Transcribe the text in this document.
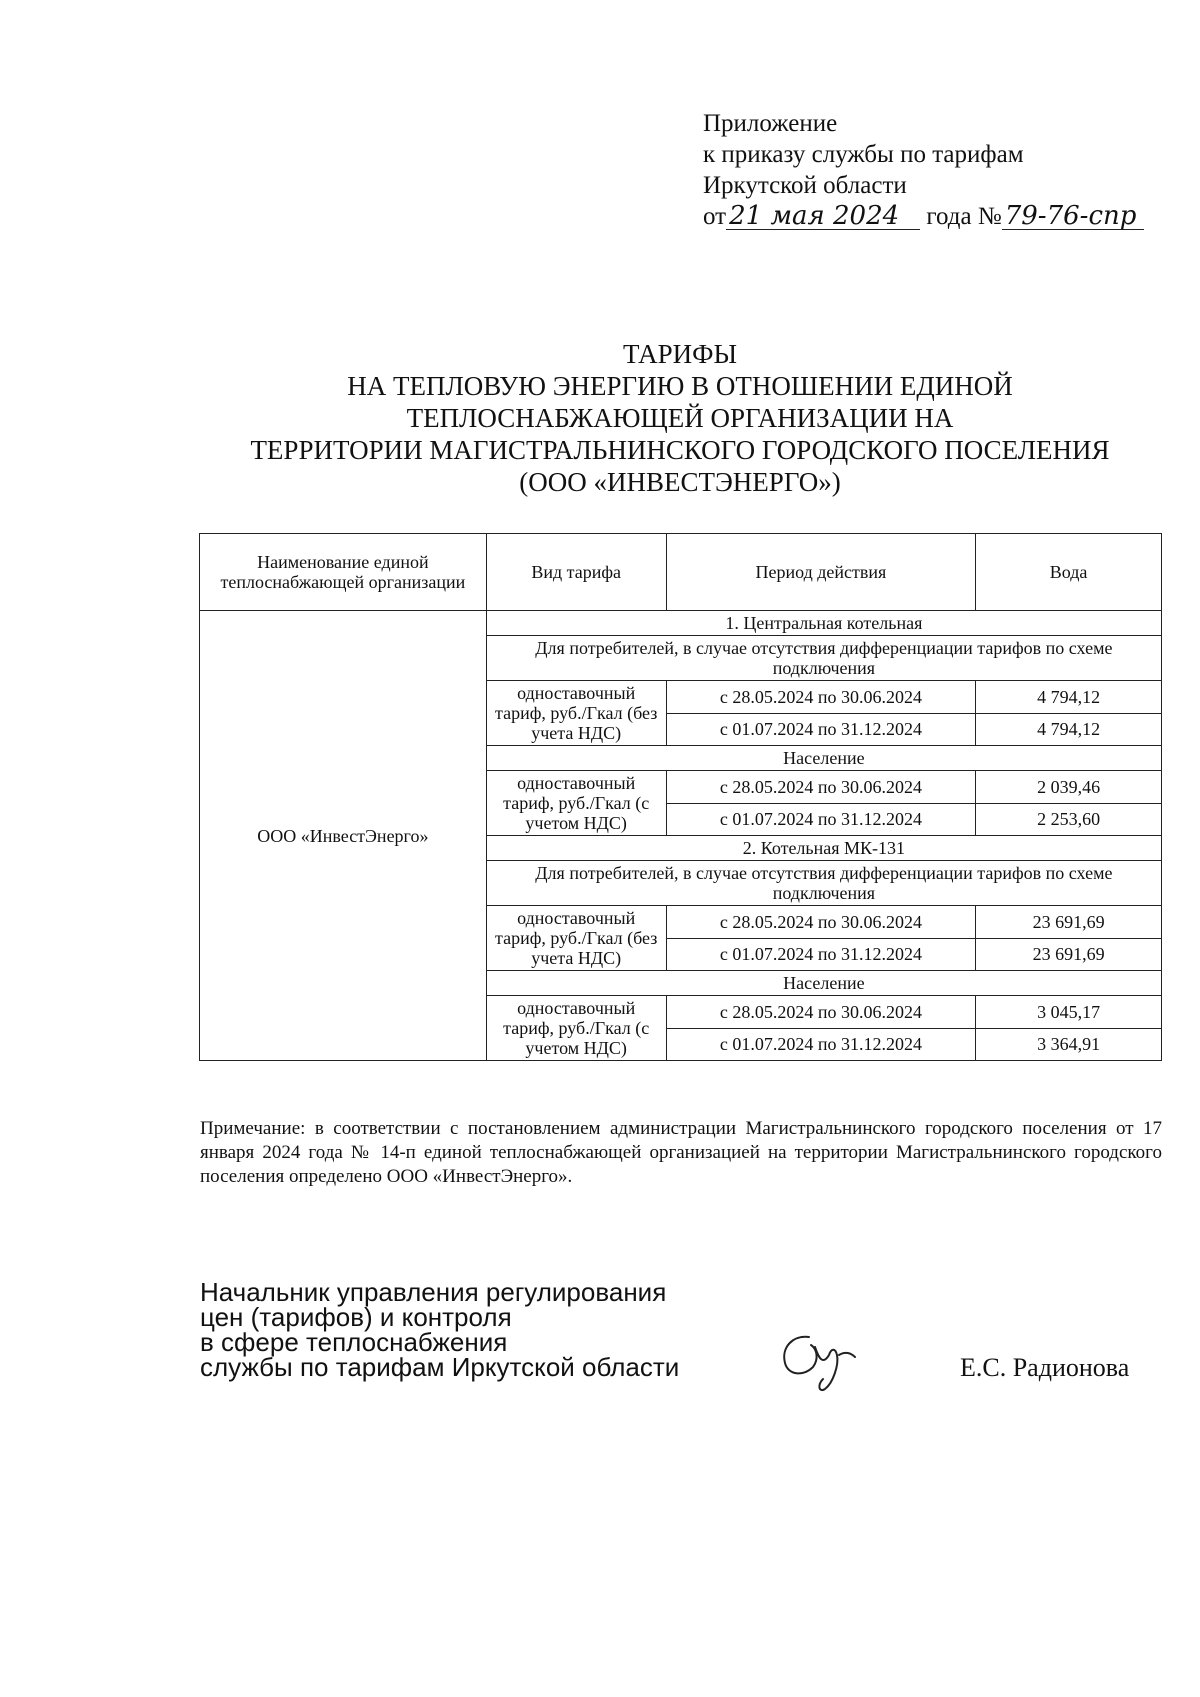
Приложение
к приказу службы по тарифам
Иркутской области
от 21 мая 2024 года № 79-76-спр
ТАРИФЫ
НА ТЕПЛОВУЮ ЭНЕРГИЮ В ОТНОШЕНИИ ЕДИНОЙ
ТЕПЛОСНАБЖАЮЩЕЙ ОРГАНИЗАЦИИ НА
ТЕРРИТОРИИ МАГИСТРАЛЬНИНСКОГО ГОРОДСКОГО ПОСЕЛЕНИЯ
(ООО «ИНВЕСТЭНЕРГО»)
Наименование единой теплоснабжающей организации	Вид тарифа	Период действия	Вода
ООО «ИнвестЭнерго»	1. Центральная котельная		
	Для потребителей, в случае отсутствия дифференциации тарифов по схеме подключения		
	одноставочный тариф, руб./Гкал (без учета НДС)	с 28.05.2024 по 30.06.2024	4 794,12
		с 01.07.2024 по 31.12.2024	4 794,12
	Население		
	одноставочный тариф, руб./Гкал (с учетом НДС)	с 28.05.2024 по 30.06.2024	2 039,46
		с 01.07.2024 по 31.12.2024	2 253,60
	2. Котельная МК-131		
	Для потребителей, в случае отсутствия дифференциации тарифов по схеме подключения		
	одноставочный тариф, руб./Гкал (без учета НДС)	с 28.05.2024 по 30.06.2024	23 691,69
		с 01.07.2024 по 31.12.2024	23 691,69
	Население		
	одноставочный тариф, руб./Гкал (с учетом НДС)	с 28.05.2024 по 30.06.2024	3 045,17
		с 01.07.2024 по 31.12.2024	3 364,91
Примечание: в соответствии с постановлением администрации Магистральнинского городского поселения от 17 января 2024 года № 14-п единой теплоснабжающей организацией на территории Магистральнинского городского поселения определено ООО «ИнвестЭнерго».
Начальник управления регулирования
цен (тарифов) и контроля
в сфере теплоснабжения
службы по тарифам Иркутской области	Е.С. Радионова
